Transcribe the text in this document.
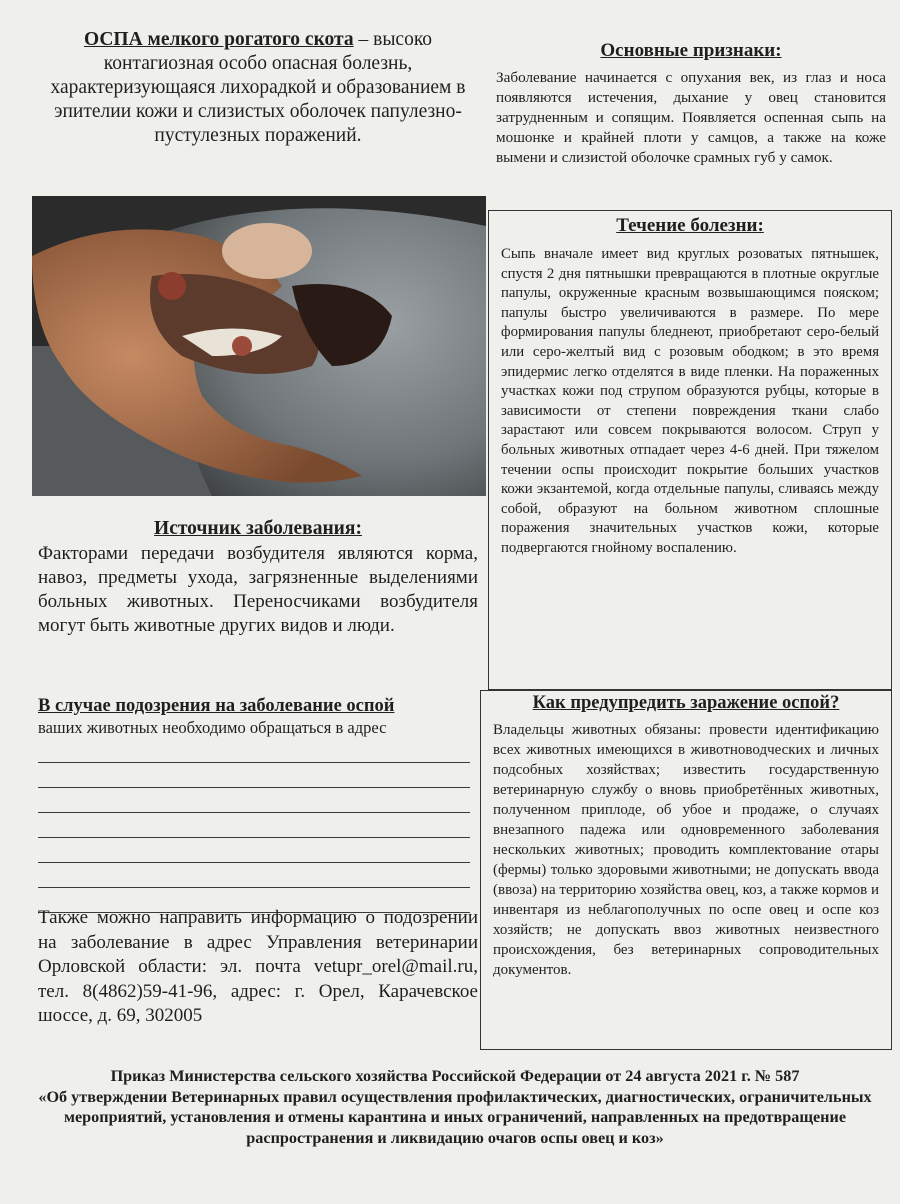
ОСПА мелкого рогатого скота – высоко контагиозная особо опасная болезнь, характеризующаяся лихорадкой и образованием в эпителии кожи и слизистых оболочек папулезно-пустулезных поражений.
Основные признаки:
Заболевание начинается с опухания век, из глаз и носа появляются истечения, дыхание у овец становится затрудненным и сопящим. Появляется оспенная сыпь на мошонке и крайней плоти у самцов, а также на коже вымени и слизистой оболочке срамных губ у самок.
Течение болезни:
Сыпь вначале имеет вид круглых розоватых пятнышек, спустя 2 дня пятнышки превращаются в плотные округлые папулы, окруженные красным возвышающимся пояском; папулы быстро увеличиваются в размере. По мере формирования папулы бледнеют, приобретают серо-белый или серо-желтый вид с розовым ободком; в это время эпидермис легко отделятся в виде пленки. На пораженных участках кожи под струпом образуются рубцы, которые в зависимости от степени повреждения ткани слабо зарастают или совсем покрываются волосом. Струп у больных животных отпадает через 4-6 дней. При тяжелом течении оспы происходит покрытие больших участков кожи экзантемой, когда отдельные папулы, сливаясь между собой, образуют на больном животном сплошные поражения значительных участков кожи, которые подвергаются гнойному воспалению.
Источник заболевания:
Факторами передачи возбудителя являются корма, навоз, предметы ухода, загрязненные выделениями больных животных. Переносчиками возбудителя могут быть животные других видов и люди.
В случае подозрения на заболевание оспой
ваших животных необходимо обращаться в адрес
Также можно направить информацию о подозрении на заболевание в адрес Управления ветеринарии Орловской области: эл. почта vetupr_orel@mail.ru, тел. 8(4862)59-41-96, адрес: г. Орел, Карачевское шоссе, д. 69, 302005
Как предупредить заражение оспой?
Владельцы животных обязаны: провести идентификацию всех животных имеющихся в животноводческих и личных подсобных хозяйствах; известить государственную ветеринарную службу о вновь приобретённых животных, полученном приплоде, об убое и продаже, о случаях внезапного падежа или одновременного заболевания нескольких животных; проводить комплектование отары (фермы) только здоровыми животными; не допускать ввода (ввоза) на территорию хозяйства овец, коз, а также кормов и инвентаря из неблагополучных по оспе овец и оспе коз хозяйств; не допускать ввоз животных неизвестного происхождения, без ветеринарных сопроводительных документов.
Приказ Министерства сельского хозяйства Российской Федерации от 24 августа 2021 г. № 587
«Об утверждении Ветеринарных правил осуществления профилактических, диагностических, ограничительных мероприятий, установления и отмены карантина и иных ограничений, направленных на предотвращение распространения и ликвидацию очагов оспы овец и коз»
